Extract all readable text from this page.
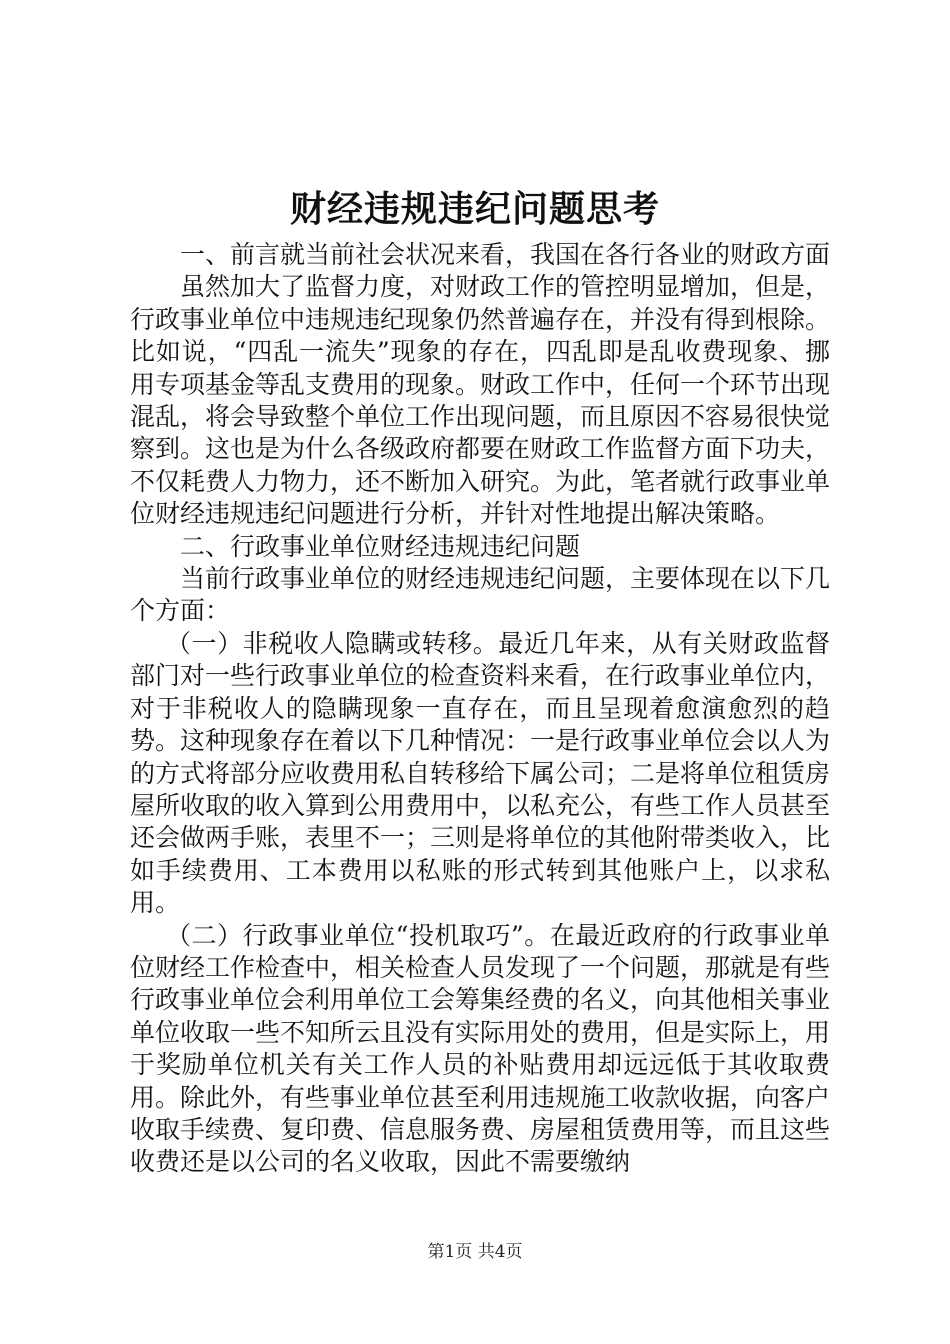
财经违规违纪问题思考

一、前言就当前社会状况来看，我国在各行各业的财政方面

虽然加大了监督力度，对财政工作的管控明显增加，但是，行政事业单位中违规违纪现象仍然普遍存在，并没有得到根除。比如说，“四乱一流失”现象的存在，四乱即是乱收费现象、挪用专项基金等乱支费用的现象。财政工作中，任何一个环节出现混乱，将会导致整个单位工作出现问题，而且原因不容易很快觉察到。这也是为什么各级政府都要在财政工作监督方面下功夫，不仅耗费人力物力，还不断加入研究。为此，笔者就行政事业单位财经违规违纪问题进行分析，并针对性地提出解决策略。

二、行政事业单位财经违规违纪问题

当前行政事业单位的财经违规违纪问题，主要体现在以下几个方面：

（一）非税收人隐瞒或转移。最近几年来，从有关财政监督部门对一些行政事业单位的检查资料来看，在行政事业单位内，对于非税收人的隐瞒现象一直存在，而且呈现着愈演愈烈的趋势。这种现象存在着以下几种情况：一是行政事业单位会以人为的方式将部分应收费用私自转移给下属公司；二是将单位租赁房屋所收取的收入算到公用费用中，以私充公，有些工作人员甚至还会做两手账，表里不一；三则是将单位的其他附带类收入，比如手续费用、工本费用以私账的形式转到其他账户上，以求私用。

（二）行政事业单位“投机取巧”。在最近政府的行政事业单位财经工作检查中，相关检查人员发现了一个问题，那就是有些行政事业单位会利用单位工会筹集经费的名义，向其他相关事业单位收取一些不知所云且没有实际用处的费用，但是实际上，用于奖励单位机关有关工作人员的补贴费用却远远低于其收取费用。除此外，有些事业单位甚至利用违规施工收款收据，向客户收取手续费、复印费、信息服务费、房屋租赁费用等，而且这些收费还是以公司的名义收取，因此不需要缴纳

第1页 共4页
